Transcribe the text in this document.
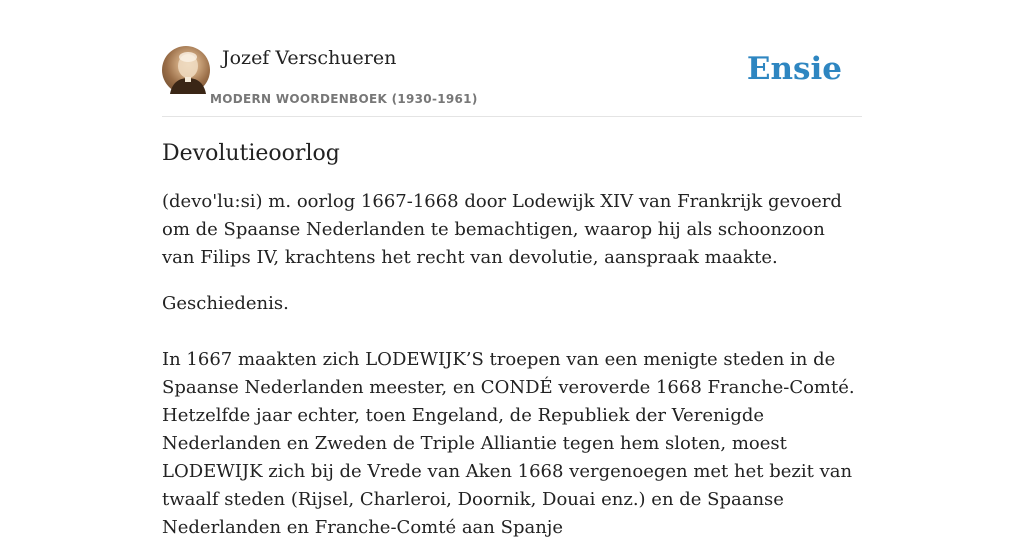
Jozef Verschueren
MODERN WOORDENBOEK (1930-1961)
Ensie
Devolutieoorlog

(devo'lu:si) m. oorlog 1667-1668 door Lodewijk XIV van Frankrijk gevoerd om de Spaanse Nederlanden te bemachtigen, waarop hij als schoonzoon van Filips IV, krachtens het recht van devolutie, aanspraak maakte.

Geschiedenis.

In 1667 maakten zich LODEWIJK’S troepen van een menigte steden in de Spaanse Nederlanden meester, en CONDÉ veroverde 1668 Franche-Comté. Hetzelfde jaar echter, toen Engeland, de Republiek der Verenigde Nederlanden en Zweden de Triple Alliantie tegen hem sloten, moest LODEWIJK zich bij de Vrede van Aken 1668 vergenoegen met het bezit van twaalf steden (Rijsel, Charleroi, Doornik, Douai enz.) en de Spaanse Nederlanden en Franche-Comté aan Spanje
